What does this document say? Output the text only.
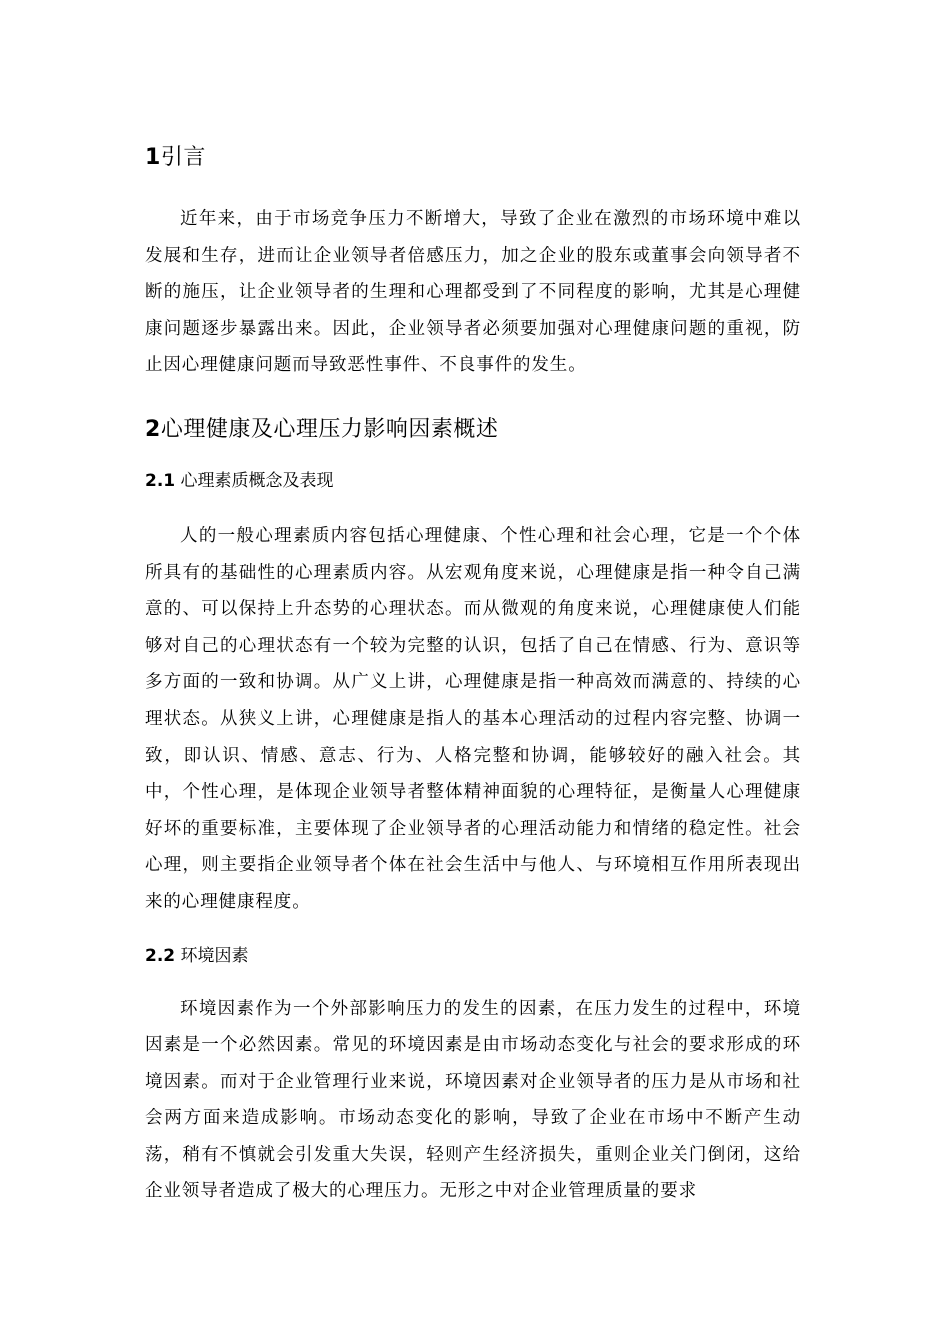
1引言

近年来，由于市场竞争压力不断增大，导致了企业在激烈的市场环境中难以发展和生存，进而让企业领导者倍感压力，加之企业的股东或董事会向领导者不断的施压，让企业领导者的生理和心理都受到了不同程度的影响，尤其是心理健康问题逐步暴露出来。因此，企业领导者必须要加强对心理健康问题的重视，防止因心理健康问题而导致恶性事件、不良事件的发生。

2心理健康及心理压力影响因素概述
2.1 心理素质概念及表现

人的一般心理素质内容包括心理健康、个性心理和社会心理，它是一个个体所具有的基础性的心理素质内容。从宏观角度来说，心理健康是指一种令自己满意的、可以保持上升态势的心理状态。而从微观的角度来说，心理健康使人们能够对自己的心理状态有一个较为完整的认识，包括了自己在情感、行为、意识等多方面的一致和协调。从广义上讲，心理健康是指一种高效而满意的、持续的心理状态。从狭义上讲，心理健康是指人的基本心理活动的过程内容完整、协调一致，即认识、情感、意志、行为、人格完整和协调，能够较好的融入社会。其中，个性心理，是体现企业领导者整体精神面貌的心理特征，是衡量人心理健康好坏的重要标准，主要体现了企业领导者的心理活动能力和情绪的稳定性。社会心理，则主要指企业领导者个体在社会生活中与他人、与环境相互作用所表现出来的心理健康程度。

2.2 环境因素

环境因素作为一个外部影响压力的发生的因素，在压力发生的过程中，环境因素是一个必然因素。常见的环境因素是由市场动态变化与社会的要求形成的环境因素。而对于企业管理行业来说，环境因素对企业领导者的压力是从市场和社会两方面来造成影响。市场动态变化的影响，导致了企业在市场中不断产生动荡，稍有不慎就会引发重大失误，轻则产生经济损失，重则企业关门倒闭，这给企业领导者造成了极大的心理压力。无形之中对企业管理质量的要求
